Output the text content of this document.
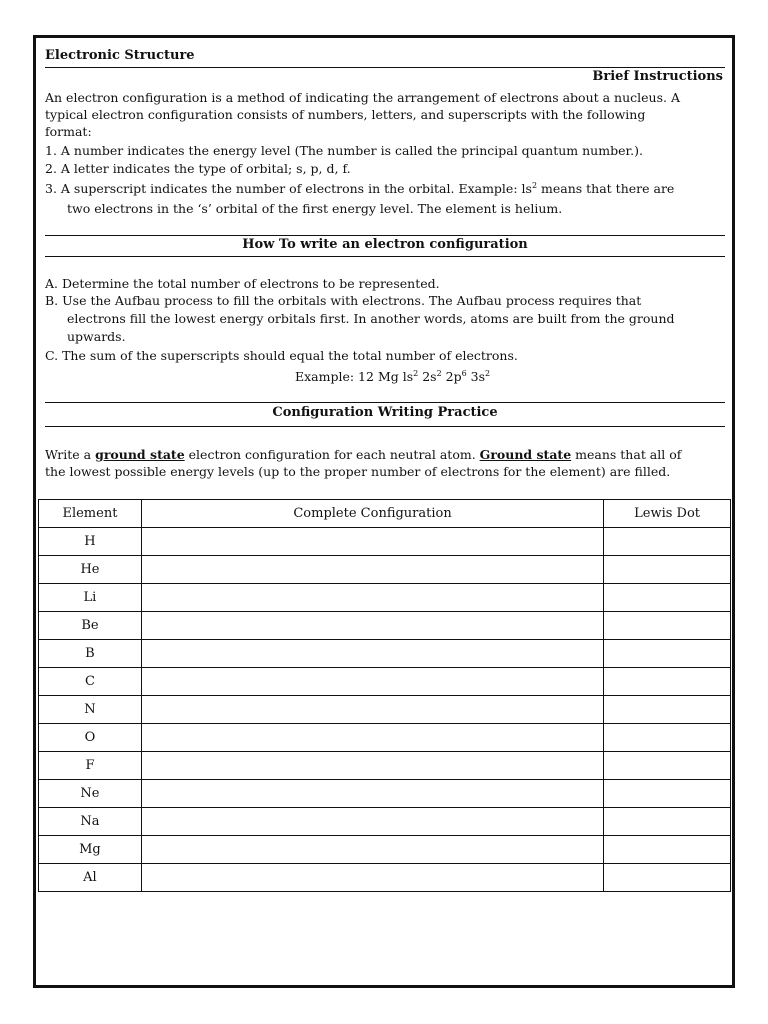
Electronic Structure
Brief Instructions
An electron configuration is a method of indicating the arrangement of electrons about a nucleus. A
typical electron configuration consists of numbers, letters, and superscripts with the following
format:
1. A number indicates the energy level (The number is called the principal quantum number.).
2. A letter indicates the type of orbital; s, p, d, f.
3. A superscript indicates the number of electrons in the orbital. Example: $ls^2$ means that there are
two electrons in the ‘s’ orbital of the first energy level. The element is helium.
How To write an electron configuration
A. Determine the total number of electrons to be represented.
B. Use the Aufbau process to fill the orbitals with electrons. The Aufbau process requires that
electrons fill the lowest energy orbitals first. In another words, atoms are built from the ground
upwards.
C. The sum of the superscripts should equal the total number of electrons.
Example: 12 Mg $ls^2$ $2s^2$ $2p^6$ $3s^2$
Configuration Writing Practice
Write a ground state electron configuration for each neutral atom. Ground state means that all of
the lowest possible energy levels (up to the proper number of electrons for the element) are filled.
Element	Complete Configuration	Lewis Dot
H		
He		
Li		
Be		
B		
C		
N		
O		
F		
Ne		
Na		
Mg		
Al		
